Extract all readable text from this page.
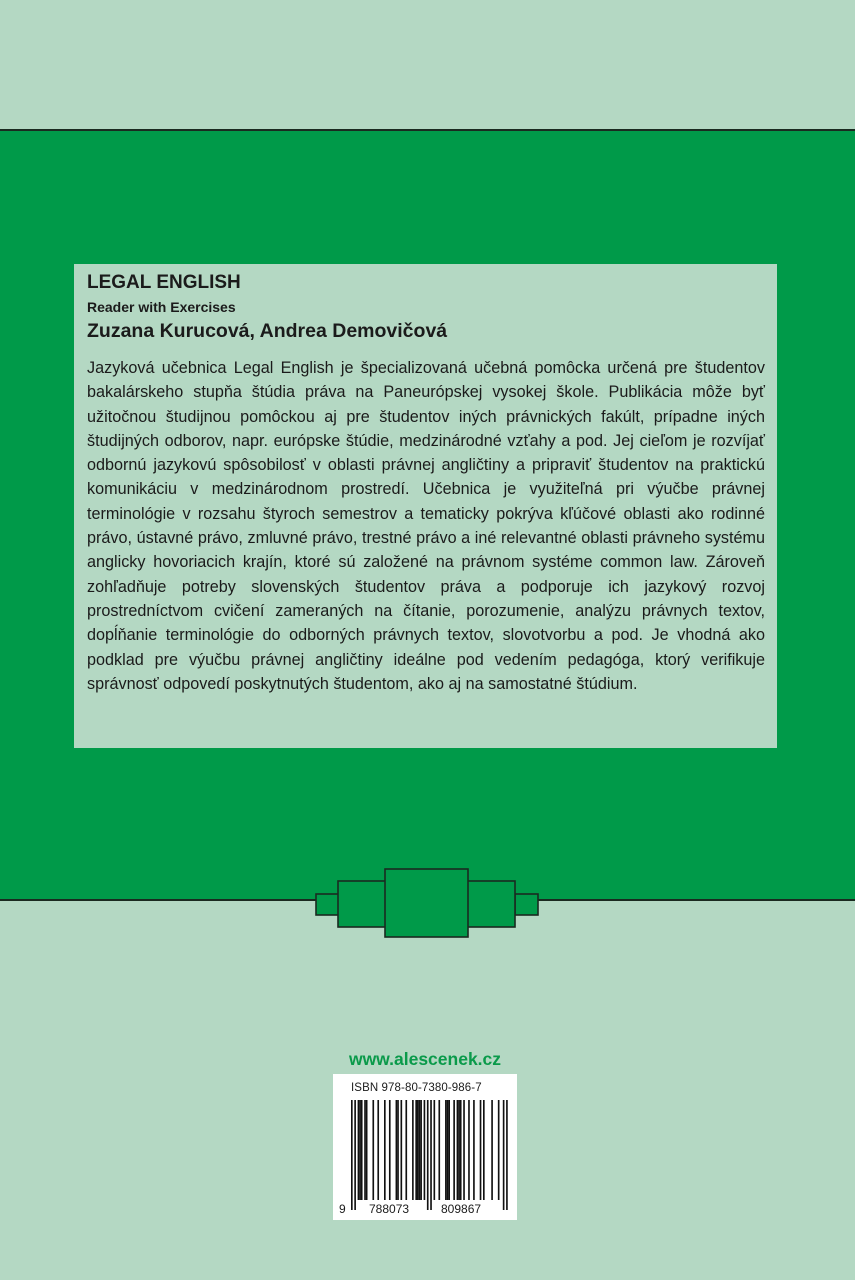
LEGAL ENGLISH

Reader with Exercises

Zuzana Kurucová, Andrea Demovičová

Jazyková učebnica Legal English je špecializovaná učebná pomôcka určená pre študentov bakalárskeho stupňa štúdia práva na Paneurópskej vysokej škole. Publikácia môže byť užitočnou študijnou pomôckou aj pre študentov iných právnických fakúlt, prípadne iných študijných odborov, napr. európske štúdie, medzinárodné vzťahy a pod. Jej cieľom je rozvíjať odbornú jazykovú spôsobilosť v oblasti právnej angličtiny a pripraviť študentov na praktickú komunikáciu v medzinárodnom prostredí. Učebnica je využiteľná pri výučbe právnej terminológie v rozsahu štyroch semestrov a tematicky pokrýva kľúčové oblasti ako rodinné právo, ústavné právo, zmluvné právo, trestné právo a iné relevantné oblasti právneho systému anglicky hovoriacich krajín, ktoré sú založené na právnom systéme common law. Zároveň zohľadňuje potreby slovenských študentov práva a podporuje ich jazykový rozvoj prostredníctvom cvičení zameraných na čítanie, porozumenie, analýzu právnych textov, dopĺňanie terminológie do odborných právnych textov, slovotvorbu a pod. Je vhodná ako podklad pre výučbu právnej angličtiny ideálne pod vedením pedagóga, ktorý verifikuje správnosť odpovedí poskytnutých študentom, ako aj na samostatné štúdium.

www.alescenek.cz
ISBN 978-80-7380-986-7
9 788073	809867
